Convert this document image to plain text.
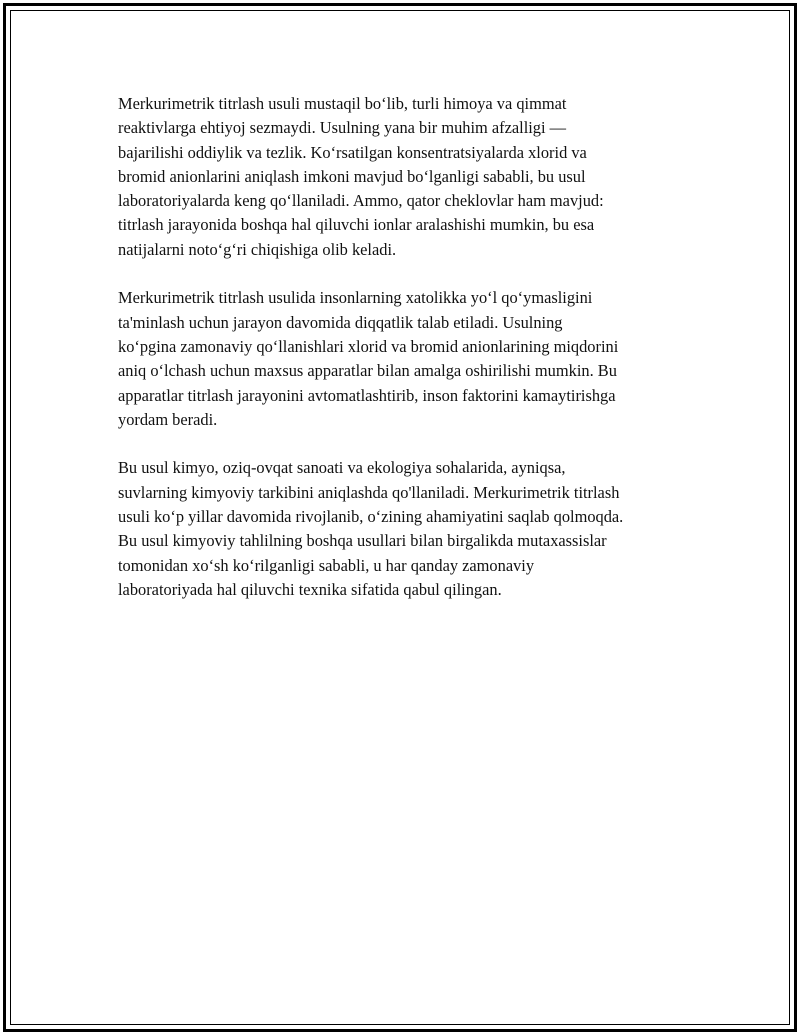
Merkurimetrik titrlash usuli mustaqil boʻlib, turli himoya va qimmat
reaktivlarga ehtiyoj sezmaydi. Usulning yana bir muhim afzalligi —
bajarilishi oddiylik va tezlik. Koʻrsatilgan konsentratsiyalarda xlorid va
bromid anionlarini aniqlash imkoni mavjud boʻlganligi sababli, bu usul
laboratoriyalarda keng qoʻllaniladi. Ammo, qator cheklovlar ham mavjud:
titrlash jarayonida boshqa hal qiluvchi ionlar aralashishi mumkin, bu esa
natijalarni notoʻgʻri chiqishiga olib keladi.

Merkurimetrik titrlash usulida insonlarning xatolikka yoʻl qoʻymasligini
ta'minlash uchun jarayon davomida diqqatlik talab etiladi. Usulning
koʻpgina zamonaviy qoʻllanishlari xlorid va bromid anionlarining miqdorini
aniq oʻlchash uchun maxsus apparatlar bilan amalga oshirilishi mumkin. Bu
apparatlar titrlash jarayonini avtomatlashtirib, inson faktorini kamaytirishga
yordam beradi.

Bu usul kimyo, oziq-ovqat sanoati va ekologiya sohalarida, ayniqsa,
suvlarning kimyoviy tarkibini aniqlashda qo'llaniladi. Merkurimetrik titrlash
usuli koʻp yillar davomida rivojlanib, oʻzining ahamiyatini saqlab qolmoqda.
Bu usul kimyoviy tahlilning boshqa usullari bilan birgalikda mutaxassislar
tomonidan xoʻsh koʻrilganligi sababli, u har qanday zamonaviy
laboratoriyada hal qiluvchi texnika sifatida qabul qilingan.
